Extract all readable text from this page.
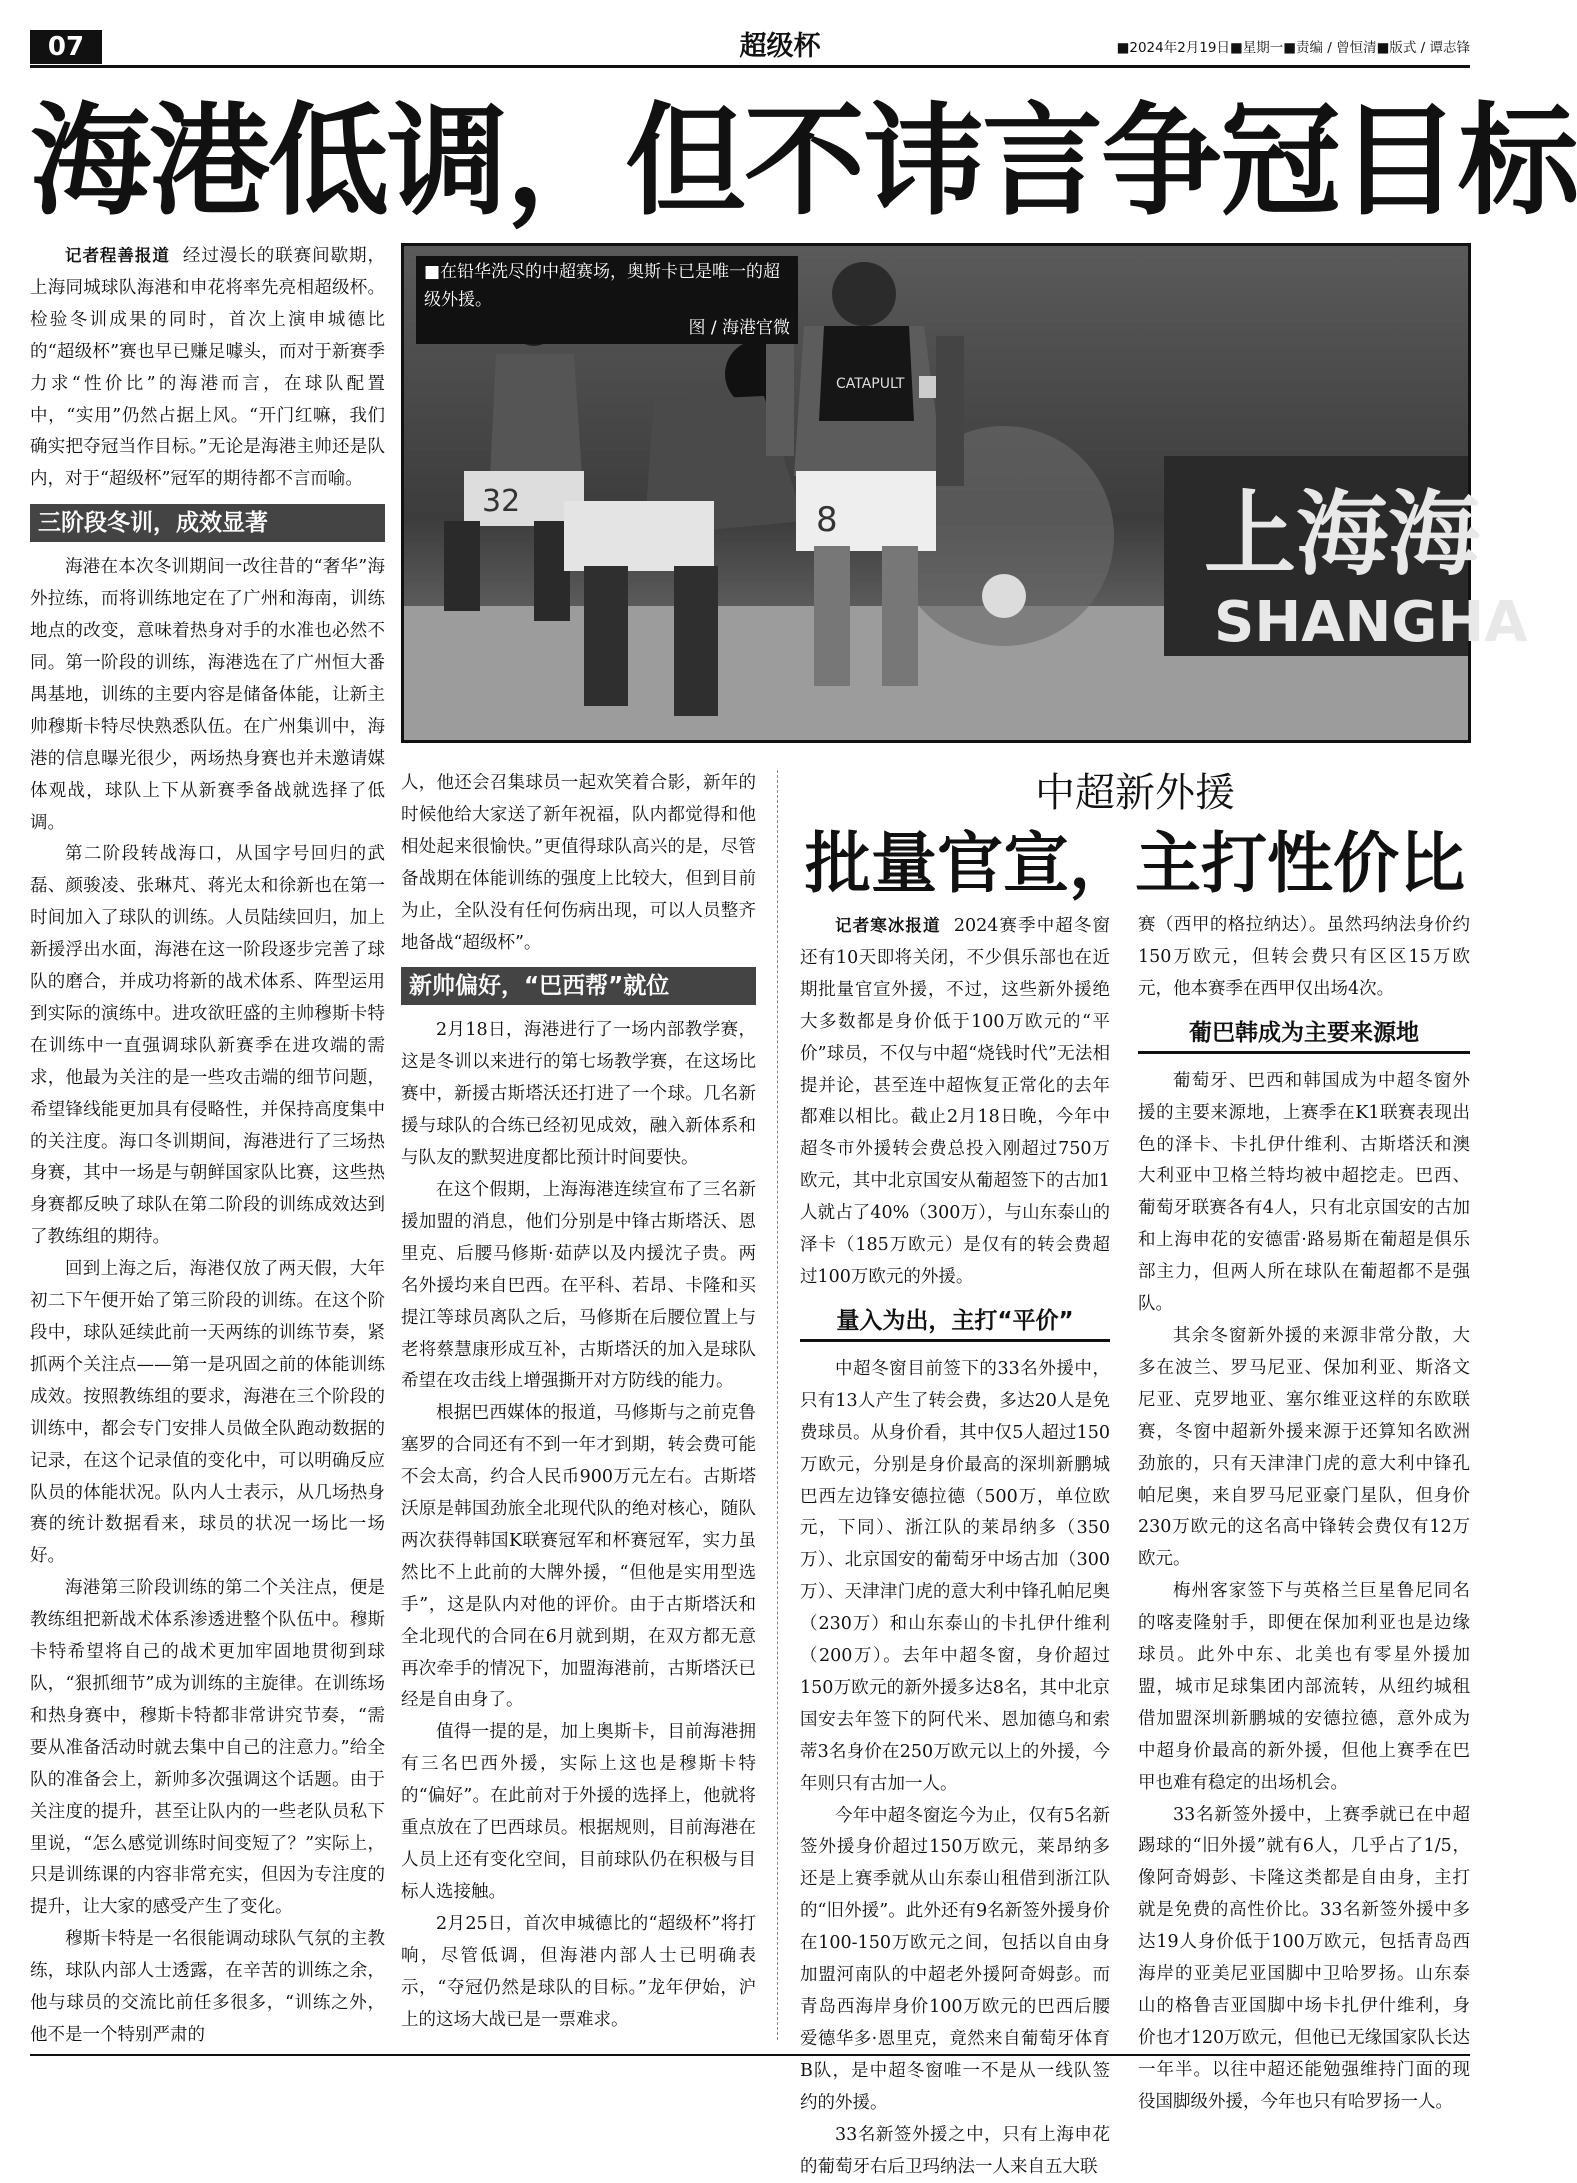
07	超级杯	■2024年2月19日■星期一■责编 / 曾恒清■版式 / 谭志锋
海港低调，但不讳言争冠目标

记者程善报道 经过漫长的联赛间歇期，上海同城球队海港和申花将率先亮相超级杯。检验冬训成果的同时，首次上演申城德比的“超级杯”赛也早已赚足噱头，而对于新赛季力求“性价比”的海港而言，在球队配置中，“实用”仍然占据上风。“开门红嘛，我们确实把夺冠当作目标。”无论是海港主帅还是队内，对于“超级杯”冠军的期待都不言而喻。

三阶段冬训，成效显著

海港在本次冬训期间一改往昔的“奢华”海外拉练，而将训练地定在了广州和海南，训练地点的改变，意味着热身对手的水准也必然不同。第一阶段的训练，海港选在了广州恒大番禺基地，训练的主要内容是储备体能，让新主帅穆斯卡特尽快熟悉队伍。在广州集训中，海港的信息曝光很少，两场热身赛也并未邀请媒体观战，球队上下从新赛季备战就选择了低调。

第二阶段转战海口，从国字号回归的武磊、颜骏凌、张琳芃、蒋光太和徐新也在第一时间加入了球队的训练。人员陆续回归，加上新援浮出水面，海港在这一阶段逐步完善了球队的磨合，并成功将新的战术体系、阵型运用到实际的演练中。进攻欲旺盛的主帅穆斯卡特在训练中一直强调球队新赛季在进攻端的需求，他最为关注的是一些攻击端的细节问题，希望锋线能更加具有侵略性，并保持高度集中的关注度。海口冬训期间，海港进行了三场热身赛，其中一场是与朝鲜国家队比赛，这些热身赛都反映了球队在第二阶段的训练成效达到了教练组的期待。

回到上海之后，海港仅放了两天假，大年初二下午便开始了第三阶段的训练。在这个阶段中，球队延续此前一天两练的训练节奏，紧抓两个关注点——第一是巩固之前的体能训练成效。按照教练组的要求，海港在三个阶段的训练中，都会专门安排人员做全队跑动数据的记录，在这个记录值的变化中，可以明确反应队员的体能状况。队内人士表示，从几场热身赛的统计数据看来，球员的状况一场比一场好。

海港第三阶段训练的第二个关注点，便是教练组把新战术体系渗透进整个队伍中。穆斯卡特希望将自己的战术更加牢固地贯彻到球队，“狠抓细节”成为训练的主旋律。在训练场和热身赛中，穆斯卡特都非常讲究节奏，“需要从准备活动时就去集中自己的注意力。”给全队的准备会上，新帅多次强调这个话题。由于关注度的提升，甚至让队内的一些老队员私下里说，“怎么感觉训练时间变短了？”实际上，只是训练课的内容非常充实，但因为专注度的提升，让大家的感受产生了变化。

穆斯卡特是一名很能调动球队气氛的主教练，球队内部人士透露，在辛苦的训练之余，他与球员的交流比前任多很多，“训练之外，他不是一个特别严肃的

上海海
SHANGHA
32
CATAPULT
8
■在铅华洗尽的中超赛场，奥斯卡已是唯一的超级外援。
图 / 海港官微

人，他还会召集球员一起欢笑着合影，新年的时候他给大家送了新年祝福，队内都觉得和他相处起来很愉快。”更值得球队高兴的是，尽管备战期在体能训练的强度上比较大，但到目前为止，全队没有任何伤病出现，可以人员整齐地备战“超级杯”。

新帅偏好，“巴西帮”就位

2月18日，海港进行了一场内部教学赛，这是冬训以来进行的第七场教学赛，在这场比赛中，新援古斯塔沃还打进了一个球。几名新援与球队的合练已经初见成效，融入新体系和与队友的默契进度都比预计时间要快。

在这个假期，上海海港连续宣布了三名新援加盟的消息，他们分别是中锋古斯塔沃、恩里克、后腰马修斯·茹萨以及内援沈子贵。两名外援均来自巴西。在平科、若昂、卡隆和买提江等球员离队之后，马修斯在后腰位置上与老将蔡慧康形成互补，古斯塔沃的加入是球队希望在攻击线上增强撕开对方防线的能力。

根据巴西媒体的报道，马修斯与之前克鲁塞罗的合同还有不到一年才到期，转会费可能不会太高，约合人民币900万元左右。古斯塔沃原是韩国劲旅全北现代队的绝对核心，随队两次获得韩国K联赛冠军和杯赛冠军，实力虽然比不上此前的大牌外援，“但他是实用型选手”，这是队内对他的评价。由于古斯塔沃和全北现代的合同在6月就到期，在双方都无意再次牵手的情况下，加盟海港前，古斯塔沃已经是自由身了。

值得一提的是，加上奥斯卡，目前海港拥有三名巴西外援，实际上这也是穆斯卡特的“偏好”。在此前对于外援的选择上，他就将重点放在了巴西球员。根据规则，目前海港在人员上还有变化空间，目前球队仍在积极与目标人选接触。

2月25日，首次申城德比的“超级杯”将打响，尽管低调，但海港内部人士已明确表示，“夺冠仍然是球队的目标。”龙年伊始，沪上的这场大战已是一票难求。

中超新外援
批量官宣，主打性价比

记者寒冰报道 2024赛季中超冬窗还有10天即将关闭，不少俱乐部也在近期批量官宣外援，不过，这些新外援绝大多数都是身价低于100万欧元的“平价”球员，不仅与中超“烧钱时代”无法相提并论，甚至连中超恢复正常化的去年都难以相比。截止2月18日晚，今年中超冬市外援转会费总投入刚超过750万欧元，其中北京国安从葡超签下的古加1人就占了40%（300万），与山东泰山的泽卡（185万欧元）是仅有的转会费超过100万欧元的外援。

量入为出，主打“平价”

中超冬窗目前签下的33名外援中，只有13人产生了转会费，多达20人是免费球员。从身价看，其中仅5人超过150万欧元，分别是身价最高的深圳新鹏城巴西左边锋安德拉德（500万，单位欧元，下同）、浙江队的莱昂纳多（350万）、北京国安的葡萄牙中场古加（300万）、天津津门虎的意大利中锋孔帕尼奥（230万）和山东泰山的卡扎伊什维利（200万）。去年中超冬窗，身价超过150万欧元的新外援多达8名，其中北京国安去年签下的阿代米、恩加德乌和索蒂3名身价在250万欧元以上的外援，今年则只有古加一人。

今年中超冬窗迄今为止，仅有5名新签外援身价超过150万欧元，莱昂纳多还是上赛季就从山东泰山租借到浙江队的“旧外援”。此外还有9名新签外援身价在100-150万欧元之间，包括以自由身加盟河南队的中超老外援阿奇姆彭。而青岛西海岸身价100万欧元的巴西后腰爱德华多·恩里克，竟然来自葡萄牙体育B队，是中超冬窗唯一不是从一线队签约的外援。

33名新签外援之中，只有上海申花的葡萄牙右后卫玛纳法一人来自五大联

赛（西甲的格拉纳达）。虽然玛纳法身价约150万欧元，但转会费只有区区15万欧元，他本赛季在西甲仅出场4次。

葡巴韩成为主要来源地

葡萄牙、巴西和韩国成为中超冬窗外援的主要来源地，上赛季在K1联赛表现出色的泽卡、卡扎伊什维利、古斯塔沃和澳大利亚中卫格兰特均被中超挖走。巴西、葡萄牙联赛各有4人，只有北京国安的古加和上海申花的安德雷·路易斯在葡超是俱乐部主力，但两人所在球队在葡超都不是强队。

其余冬窗新外援的来源非常分散，大多在波兰、罗马尼亚、保加利亚、斯洛文尼亚、克罗地亚、塞尔维亚这样的东欧联赛，冬窗中超新外援来源于还算知名欧洲劲旅的，只有天津津门虎的意大利中锋孔帕尼奥，来自罗马尼亚豪门星队，但身价230万欧元的这名高中锋转会费仅有12万欧元。

梅州客家签下与英格兰巨星鲁尼同名的喀麦隆射手，即便在保加利亚也是边缘球员。此外中东、北美也有零星外援加盟，城市足球集团内部流转，从纽约城租借加盟深圳新鹏城的安德拉德，意外成为中超身价最高的新外援，但他上赛季在巴甲也难有稳定的出场机会。

33名新签外援中，上赛季就已在中超踢球的“旧外援”就有6人，几乎占了1/5，像阿奇姆彭、卡隆这类都是自由身，主打就是免费的高性价比。33名新签外援中多达19人身价低于100万欧元，包括青岛西海岸的亚美尼亚国脚中卫哈罗扬。山东泰山的格鲁吉亚国脚中场卡扎伊什维利，身价也才120万欧元，但他已无缘国家队长达一年半。以往中超还能勉强维持门面的现役国脚级外援，今年也只有哈罗扬一人。
